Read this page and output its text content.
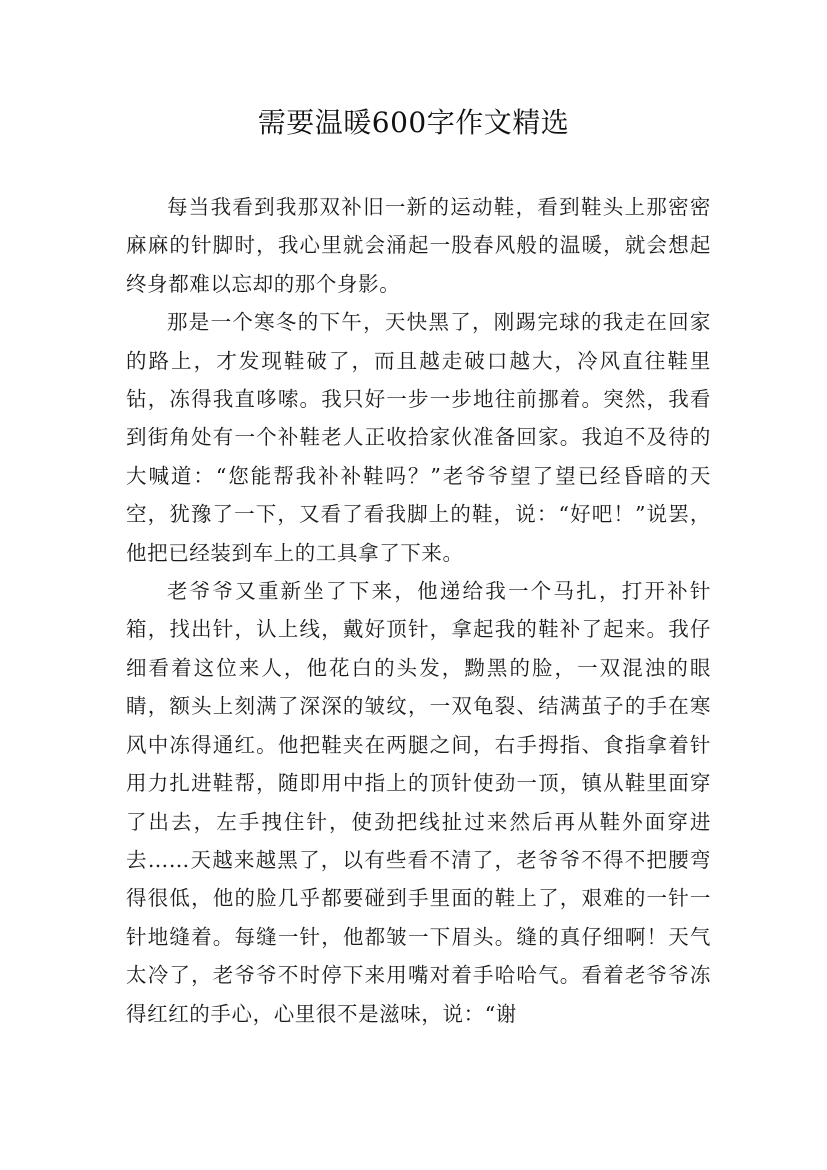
需要温暖600字作文精选

每当我看到我那双补旧一新的运动鞋，看到鞋头上那密密麻麻的针脚时，我心里就会涌起一股春风般的温暖，就会想起终身都难以忘却的那个身影。

那是一个寒冬的下午，天快黑了，刚踢完球的我走在回家的路上，才发现鞋破了，而且越走破口越大，冷风直往鞋里钻，冻得我直哆嗦。我只好一步一步地往前挪着。突然，我看到街角处有一个补鞋老人正收拾家伙准备回家。我迫不及待的大喊道：“您能帮我补补鞋吗？”老爷爷望了望已经昏暗的天空，犹豫了一下，又看了看我脚上的鞋，说：“好吧！”说罢，他把已经装到车上的工具拿了下来。

老爷爷又重新坐了下来，他递给我一个马扎，打开补针箱，找出针，认上线，戴好顶针，拿起我的鞋补了起来。我仔细看着这位来人，他花白的头发，黝黑的脸，一双混浊的眼睛，额头上刻满了深深的皱纹，一双龟裂、结满茧子的手在寒风中冻得通红。他把鞋夹在两腿之间，右手拇指、食指拿着针用力扎进鞋帮，随即用中指上的顶针使劲一顶，镇从鞋里面穿了出去，左手拽住针，使劲把线扯过来然后再从鞋外面穿进去……天越来越黑了，以有些看不清了，老爷爷不得不把腰弯得很低，他的脸几乎都要碰到手里面的鞋上了，艰难的一针一针地缝着。每缝一针，他都皱一下眉头。缝的真仔细啊！天气太冷了，老爷爷不时停下来用嘴对着手哈哈气。看着老爷爷冻得红红的手心，心里很不是滋味，说：“谢
